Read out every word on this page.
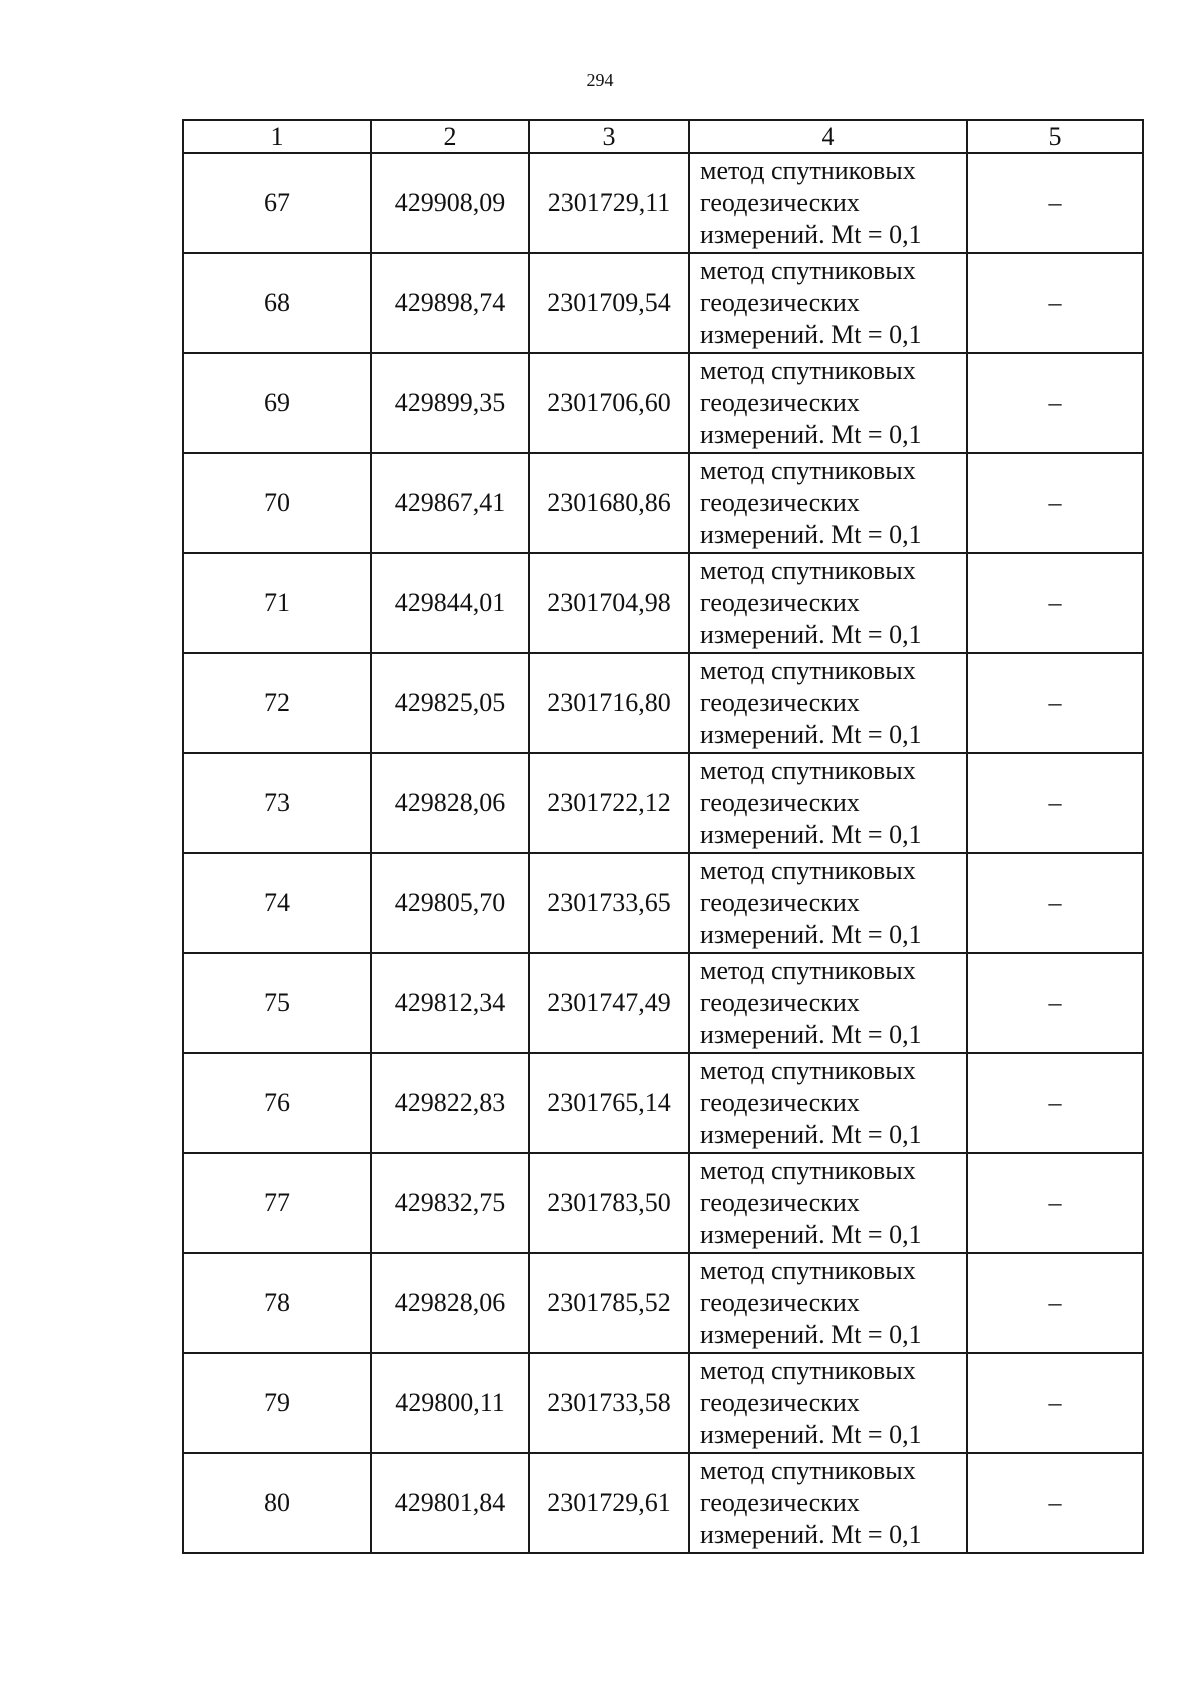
294
1	2	3	4	5
67	429908,09	2301729,11	метод спутниковых
геодезических
измерений. Mt = 0,1	–
68	429898,74	2301709,54	метод спутниковых
геодезических
измерений. Mt = 0,1	–
69	429899,35	2301706,60	метод спутниковых
геодезических
измерений. Mt = 0,1	–
70	429867,41	2301680,86	метод спутниковых
геодезических
измерений. Mt = 0,1	–
71	429844,01	2301704,98	метод спутниковых
геодезических
измерений. Mt = 0,1	–
72	429825,05	2301716,80	метод спутниковых
геодезических
измерений. Mt = 0,1	–
73	429828,06	2301722,12	метод спутниковых
геодезических
измерений. Mt = 0,1	–
74	429805,70	2301733,65	метод спутниковых
геодезических
измерений. Mt = 0,1	–
75	429812,34	2301747,49	метод спутниковых
геодезических
измерений. Mt = 0,1	–
76	429822,83	2301765,14	метод спутниковых
геодезических
измерений. Mt = 0,1	–
77	429832,75	2301783,50	метод спутниковых
геодезических
измерений. Mt = 0,1	–
78	429828,06	2301785,52	метод спутниковых
геодезических
измерений. Mt = 0,1	–
79	429800,11	2301733,58	метод спутниковых
геодезических
измерений. Mt = 0,1	–
80	429801,84	2301729,61	метод спутниковых
геодезических
измерений. Mt = 0,1	–
